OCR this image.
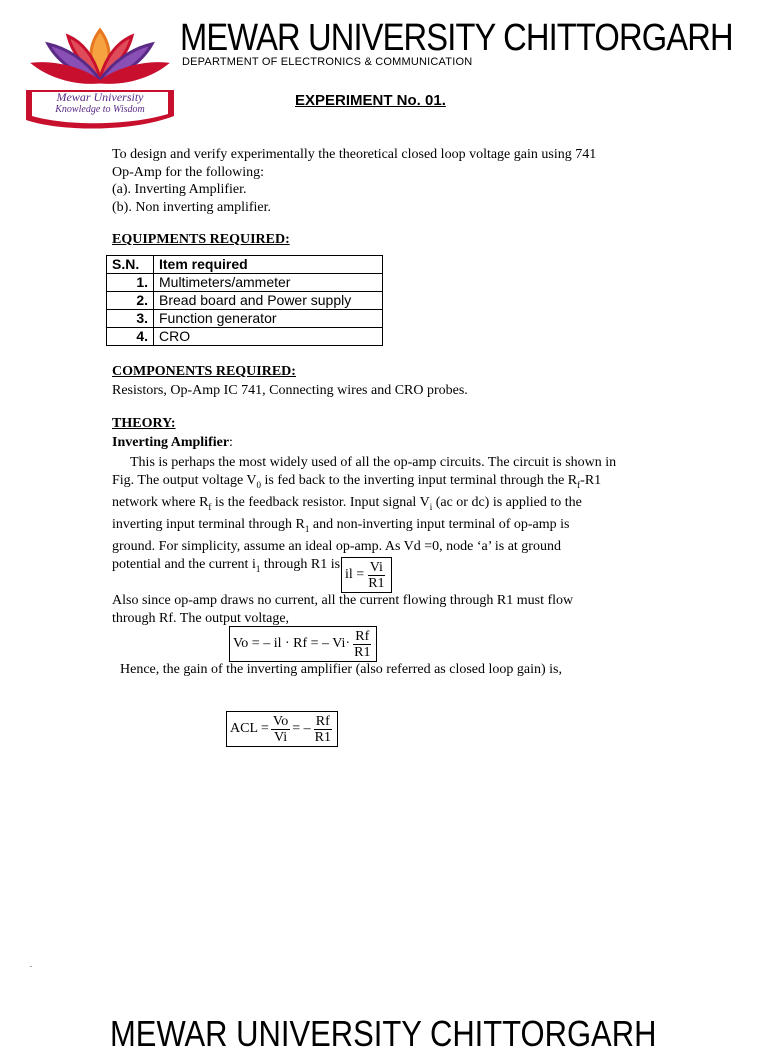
Mewar University
Knowledge to Wisdom
MEWAR UNIVERSITY CHITTORGARH
DEPARTMENT OF ELECTRONICS & COMMUNICATION
EXPERIMENT No. 01.
To design and verify experimentally the theoretical closed loop voltage gain using 741
Op-Amp for the following:
(a). Inverting Amplifier.
(b). Non inverting amplifier.
EQUIPMENTS REQUIRED:
S.N.	Item required
1.	Multimeters/ammeter
2.	Bread board and Power supply
3.	Function generator
4.	CRO
COMPONENTS REQUIRED:
Resistors, Op-Amp IC 741, Connecting wires and CRO probes.
THEORY:
Inverting Amplifier:
This is perhaps the most widely used of all the op-amp circuits. The circuit is shown in
Fig. The output voltage $V_0$ is fed back to the inverting input terminal through the $R_f-R1$
network where $R_f$ is the feedback resistor. Input signal $V_i$ (ac or dc) is applied to the
inverting input terminal through $R_1$ and non-inverting input terminal of op-amp is
ground. For simplicity, assume an ideal op-amp. As Vd =0, node ‘a’ is at ground
potential and the current $i_1$ through R1 is
il = $\frac{Vi}{R1}$
Also since op-amp draws no current, all the current flowing through R1 must flow
through Rf. The output voltage,
Vo = – il · Rf = – $Vi\cdot \frac{Rf}{R1}$
Hence, the gain of the inverting amplifier (also referred as closed loop gain) is,
ACL = $\frac{Vo}{Vi}$ = – $\frac{Rf}{R1}$
.
MEWAR UNIVERSITY CHITTORGARH
